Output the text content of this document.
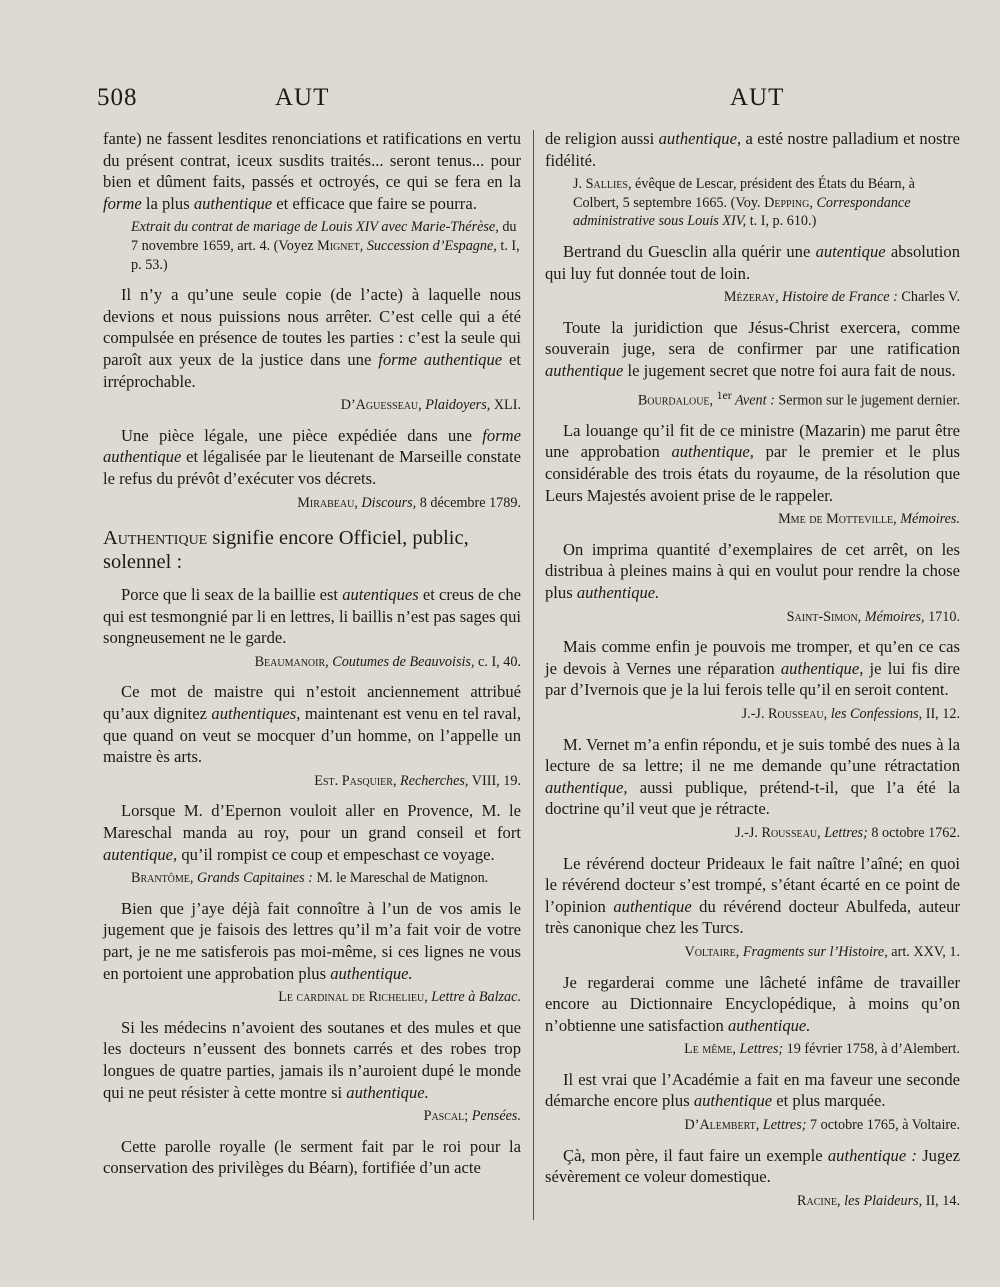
508	AUT	AUT

fante) ne fassent lesdites renonciations et ratifications en vertu du présent contrat, iceux susdits traités... seront tenus... pour bien et dûment faits, passés et octroyés, ce qui se fera en la forme la plus authentique et efficace que faire se pourra.

Extrait du contrat de mariage de Louis XIV avec Marie-Thérèse, du 7 novembre 1659, art. 4. (Voyez Mignet, Succession d’Espagne, t. I, p. 53.)

Il n’y a qu’une seule copie (de l’acte) à laquelle nous devions et nous puissions nous arrêter. C’est celle qui a été compulsée en présence de toutes les parties : c’est la seule qui paroît aux yeux de la justice dans une forme authentique et irréprochable.

D’Aguesseau, Plaidoyers, XLI.

Une pièce légale, une pièce expédiée dans une forme authentique et légalisée par le lieutenant de Marseille constate le refus du prévôt d’exécuter vos décrets.

Mirabeau, Discours, 8 décembre 1789.

Authentique signifie encore Officiel, public, solennel :

Porce que li seax de la baillie est autentiques et creus de che qui est tesmongnié par li en lettres, li baillis n’est pas sages qui songneusement ne le garde.

Beaumanoir, Coutumes de Beauvoisis, c. I, 40.

Ce mot de maistre qui n’estoit anciennement attribué qu’aux dignitez authentiques, maintenant est venu en tel raval, que quand on veut se mocquer d’un homme, on l’appelle un maistre ès arts.

Est. Pasquier, Recherches, VIII, 19.

Lorsque M. d’Epernon vouloit aller en Provence, M. le Mareschal manda au roy, pour un grand conseil et fort autentique, qu’il rompist ce coup et empeschast ce voyage.

Brantôme, Grands Capitaines : M. le Mareschal de Matignon.

Bien que j’aye déjà fait connoître à l’un de vos amis le jugement que je faisois des lettres qu’il m’a fait voir de votre part, je ne me satisferois pas moi-même, si ces lignes ne vous en portoient une approbation plus authentique.

Le cardinal de Richelieu, Lettre à Balzac.

Si les médecins n’avoient des soutanes et des mules et que les docteurs n’eussent des bonnets carrés et des robes trop longues de quatre parties, jamais ils n’auroient dupé le monde qui ne peut résister à cette montre si authentique.

Pascal; Pensées.

Cette parolle royalle (le serment fait par le roi pour la conservation des privilèges du Béarn), fortifiée d’un acte

de religion aussi authentique, a esté nostre palladium et nostre fidélité.

J. Sallies, évêque de Lescar, président des États du Béarn, à Colbert, 5 septembre 1665. (Voy. Depping, Correspondance administrative sous Louis XIV, t. I, p. 610.)

Bertrand du Guesclin alla quérir une autentique absolution qui luy fut donnée tout de loin.

Mézeray, Histoire de France : Charles V.

Toute la juridiction que Jésus-Christ exercera, comme souverain juge, sera de confirmer par une ratification authentique le jugement secret que notre foi aura fait de nous.

Bourdaloue, $^{1er}$ Avent : Sermon sur le jugement dernier.

La louange qu’il fit de ce ministre (Mazarin) me parut être une approbation authentique, par le premier et le plus considérable des trois états du royaume, de la résolution que Leurs Majestés avoient prise de le rappeler.

Mme de Motteville, Mémoires.

On imprima quantité d’exemplaires de cet arrêt, on les distribua à pleines mains à qui en voulut pour rendre la chose plus authentique.

Saint-Simon, Mémoires, 1710.

Mais comme enfin je pouvois me tromper, et qu’en ce cas je devois à Vernes une réparation authentique, je lui fis dire par d’Ivernois que je la lui ferois telle qu’il en seroit content.

J.-J. Rousseau, les Confessions, II, 12.

M. Vernet m’a enfin répondu, et je suis tombé des nues à la lecture de sa lettre; il ne me demande qu’une rétractation authentique, aussi publique, prétend-t-il, que l’a été la doctrine qu’il veut que je rétracte.

J.-J. Rousseau, Lettres; 8 octobre 1762.

Le révérend docteur Prideaux le fait naître l’aîné; en quoi le révérend docteur s’est trompé, s’étant écarté en ce point de l’opinion authentique du révérend docteur Abulfeda, auteur très canonique chez les Turcs.

Voltaire, Fragments sur l’Histoire, art. XXV, 1.

Je regarderai comme une lâcheté infâme de travailler encore au Dictionnaire Encyclopédique, à moins qu’on n’obtienne une satisfaction authentique.

Le même, Lettres; 19 février 1758, à d’Alembert.

Il est vrai que l’Académie a fait en ma faveur une seconde démarche encore plus authentique et plus marquée.

D’Alembert, Lettres; 7 octobre 1765, à Voltaire.

Çà, mon père, il faut faire un exemple authentique : Jugez sévèrement ce voleur domestique.

Racine, les Plaideurs, II, 14.
